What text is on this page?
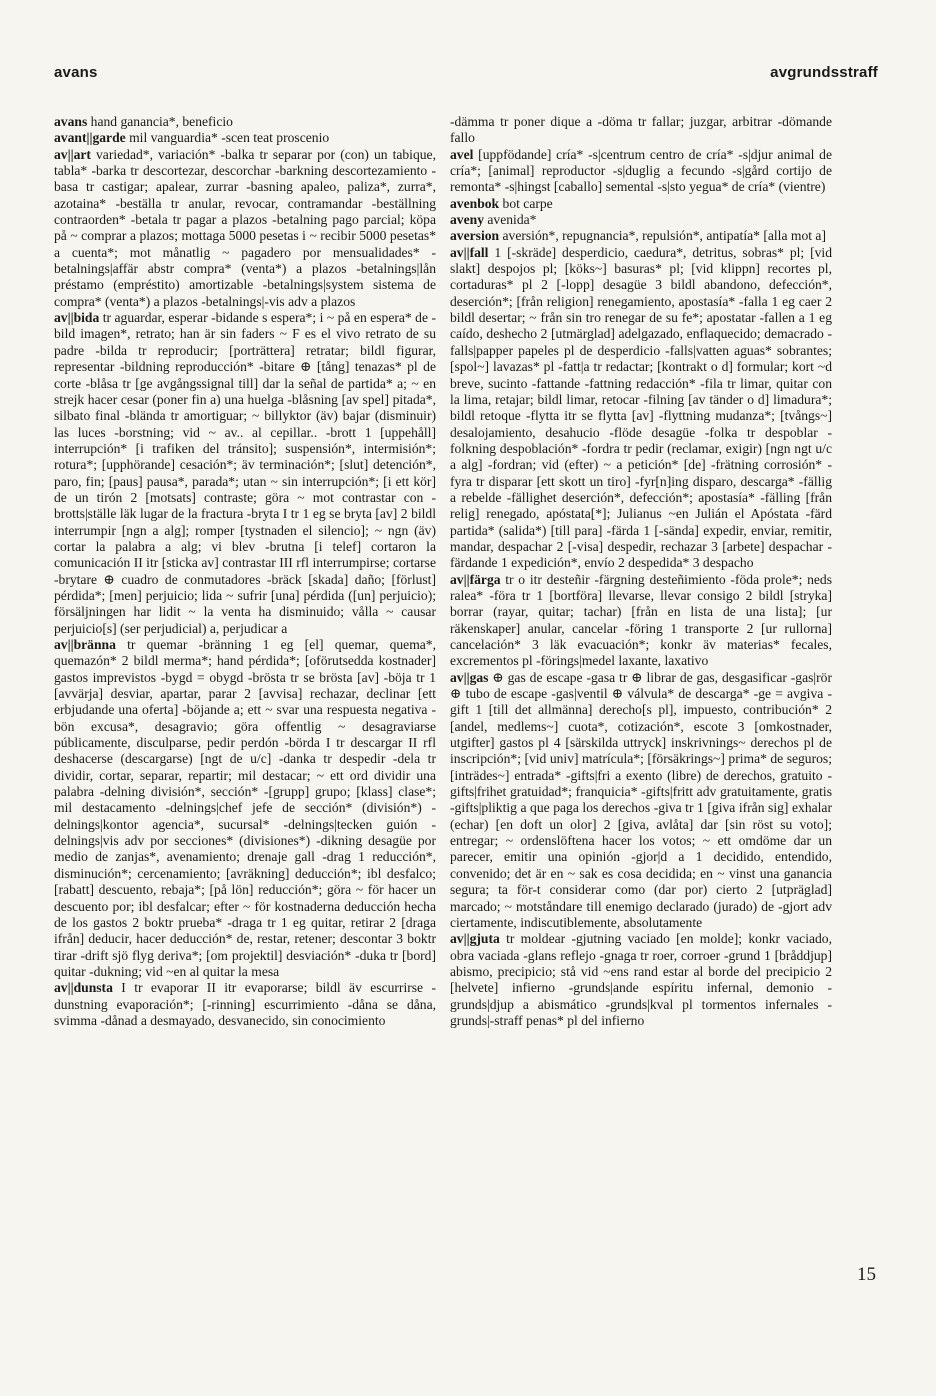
avans	avgrundsstraff

avans hand ganancia*, beneficio

avant||garde mil vanguardia* -scen teat proscenio

av||art variedad*, variación* -balka tr separar por (con) un tabique, tabla* -barka tr descortezar, descorchar -barkning descortezamiento -basa tr castigar; apalear, zurrar -basning apaleo, paliza*, zurra*, azotaina* -beställa tr anular, revocar, contramandar -beställning contraorden* -betala tr pagar a plazos -betalning pago parcial; köpa på ~ comprar a plazos; mottaga 5000 pesetas i ~ recibir 5000 pesetas* a cuenta*; mot månatlig ~ pagadero por mensualidades* -betalnings|affär abstr compra* (venta*) a plazos -betalnings|lån préstamo (empréstito) amortizable -betalnings|system sistema de compra* (venta*) a plazos -betalnings|-vis adv a plazos

av||bida tr aguardar, esperar -bidande s espera*; i ~ på en espera* de -bild imagen*, retrato; han är sin faders ~ F es el vivo retrato de su padre -bilda tr reproducir; [porträttera] retratar; bildl figurar, representar -bildning reproducción* -bitare ⊕ [tång] tenazas* pl de corte -blåsa tr [ge avgångssignal till] dar la señal de partida* a; ~ en strejk hacer cesar (poner fin a) una huelga -blåsning [av spel] pitada*, silbato final -blända tr amortiguar; ~ billyktor (äv) bajar (disminuir) las luces -borstning; vid ~ av.. al cepillar.. -brott 1 [uppehåll] interrupción* [i trafiken del tránsito]; suspensión*, intermisión*; rotura*; [upphörande] cesación*; äv terminación*; [slut] detención*, paro, fin; [paus] pausa*, parada*; utan ~ sin interrupción*; [i ett kör] de un tirón 2 [motsats] contraste; göra ~ mot contrastar con -brotts|ställe läk lugar de la fractura -bryta I tr 1 eg se bryta [av] 2 bildl interrumpir [ngn a alg]; romper [tystnaden el silencio]; ~ ngn (äv) cortar la palabra a alg; vi blev -brutna [i telef] cortaron la comunicación II itr [sticka av] contrastar III rfl interrumpirse; cortarse -brytare ⊕ cuadro de conmutadores -bräck [skada] daño; [förlust] pérdida*; [men] perjuicio; lida ~ sufrir [una] pérdida ([un] perjuicio); försäljningen har lidit ~ la venta ha disminuido; vålla ~ causar perjuicio[s] (ser perjudicial) a, perjudicar a

av||bränna tr quemar -bränning 1 eg [el] quemar, quema*, quemazón* 2 bildl merma*; hand pérdida*; [oförutsedda kostnader] gastos imprevistos -bygd = obygd -brösta tr se brösta [av] -böja tr 1 [avvärja] desviar, apartar, parar 2 [avvisa] rechazar, declinar [ett erbjudande una oferta] -böjande a; ett ~ svar una respuesta negativa -bön excusa*, desagravio; göra offentlig ~ desagraviarse públicamente, disculparse, pedir perdón -börda I tr descargar II rfl deshacerse (descargarse) [ngt de u/c] -danka tr despedir -dela tr dividir, cortar, separar, repartir; mil destacar; ~ ett ord dividir una palabra -delning división*, sección* -[grupp] grupo; [klass] clase*; mil destacamento -delnings|chef jefe de sección* (división*) -delnings|kontor agencia*, sucursal* -delnings|tecken guión -delnings|vis adv por secciones* (divisiones*) -dikning desagüe por medio de zanjas*, avenamiento; drenaje gall -drag 1 reducción*, disminución*; cercenamiento; [avräkning] deducción*; ibl desfalco; [rabatt] descuento, rebaja*; [på lön] reducción*; göra ~ för hacer un descuento por; ibl desfalcar; efter ~ för kostnaderna deducción hecha de los gastos 2 boktr prueba* -draga tr 1 eg quitar, retirar 2 [draga ifrån] deducir, hacer deducción* de, restar, retener; descontar 3 boktr tirar -drift sjö flyg deriva*; [om projektil] desviación* -duka tr [bord] quitar -dukning; vid ~en al quitar la mesa

av||dunsta I tr evaporar II itr evaporarse; bildl äv escurrirse -dunstning evaporación*; [-rinning] escurrimiento -dåna se dåna, svimma -dånad a desmayado, desvanecido, sin conocimiento

-dämma tr poner dique a -döma tr fallar; juzgar, arbitrar -dömande fallo

avel [uppfödande] cría* -s|centrum centro de cría* -s|djur animal de cría*; [animal] reproductor -s|duglig a fecundo -s|gård cortijo de remonta* -s|hingst [caballo] semental -s|sto yegua* de cría* (vientre)

avenbok bot carpe

aveny avenida*

aversion aversión*, repugnancia*, repulsión*, antipatía* [alla mot a]

av||fall 1 [-skräde] desperdicio, caedura*, detritus, sobras* pl; [vid slakt] despojos pl; [köks~] basuras* pl; [vid klippn] recortes pl, cortaduras* pl 2 [-lopp] desagüe 3 bildl abandono, defección*, deserción*; [från religion] renegamiento, apostasía* -falla 1 eg caer 2 bildl desertar; ~ från sin tro renegar de su fe*; apostatar -fallen a 1 eg caído, deshecho 2 [utmärglad] adelgazado, enflaquecido; demacrado -falls|papper papeles pl de desperdicio -falls|vatten aguas* sobrantes; [spol~] lavazas* pl -fatt|a tr redactar; [kontrakt o d] formular; kort ~d breve, sucinto -fattande -fattning redacción* -fila tr limar, quitar con la lima, retajar; bildl limar, retocar -filning [av tänder o d] limadura*; bildl retoque -flytta itr se flytta [av] -flyttning mudanza*; [tvångs~] desalojamiento, desahucio -flöde desagüe -folka tr despoblar -folkning despoblación* -fordra tr pedir (reclamar, exigir) [ngn ngt u/c a alg] -fordran; vid (efter) ~ a petición* [de] -frätning corrosión* -fyra tr disparar [ett skott un tiro] -fyr[n]ing disparo, descarga* -fällig a rebelde -fällighet deserción*, defección*; apostasía* -fälling [från relig] renegado, apóstata[*]; Julianus ~en Julián el Apóstata -färd partida* (salida*) [till para] -färda 1 [-sända] expedir, enviar, remitir, mandar, despachar 2 [-visa] despedir, rechazar 3 [arbete] despachar -färdande 1 expedición*, envío 2 despedida* 3 despacho

av||färga tr o itr desteñir -färgning desteñimiento -föda prole*; neds ralea* -föra tr 1 [bortföra] llevarse, llevar consigo 2 bildl [stryka] borrar (rayar, quitar; tachar) [från en lista de una lista]; [ur räkenskaper] anular, cancelar -föring 1 transporte 2 [ur rullorna] cancelación* 3 läk evacuación*; konkr äv materias* fecales, excrementos pl -förings|medel laxante, laxativo

av||gas ⊕ gas de escape -gasa tr ⊕ librar de gas, desgasificar -gas|rör ⊕ tubo de escape -gas|ventil ⊕ válvula* de descarga* -ge = avgiva -gift 1 [till det allmänna] derecho[s pl], impuesto, contribución* 2 [andel, medlems~] cuota*, cotización*, escote 3 [omkostnader, utgifter] gastos pl 4 [särskilda uttryck] inskrivnings~ derechos pl de inscripción*; [vid univ] matrícula*; [försäkrings~] prima* de seguros; [inträdes~] entrada* -gifts|fri a exento (libre) de derechos, gratuito -gifts|frihet gratuidad*; franquicia* -gifts|fritt adv gratuitamente, gratis -gifts|pliktig a que paga los derechos -giva tr 1 [giva ifrån sig] exhalar (echar) [en doft un olor] 2 [giva, avlåta] dar [sin röst su voto]; entregar; ~ ordenslöftena hacer los votos; ~ ett omdöme dar un parecer, emitir una opinión -gjor|d a 1 decidido, entendido, convenido; det är en ~ sak es cosa decidida; en ~ vinst una ganancia segura; ta för-t considerar como (dar por) cierto 2 [utpräglad] marcado; ~ motståndare till enemigo declarado (jurado) de -gjort adv ciertamente, indiscutiblemente, absolutamente

av||gjuta tr moldear -gjutning vaciado [en molde]; konkr vaciado, obra vaciada -glans reflejo -gnaga tr roer, corroer -grund 1 [bråddjup] abismo, precipicio; stå vid ~ens rand estar al borde del precipicio 2 [helvete] infierno -grunds|ande espíritu infernal, demonio -grunds|djup a abismático -grunds|kval pl tormentos infernales -grunds|-straff penas* pl del infierno

15
